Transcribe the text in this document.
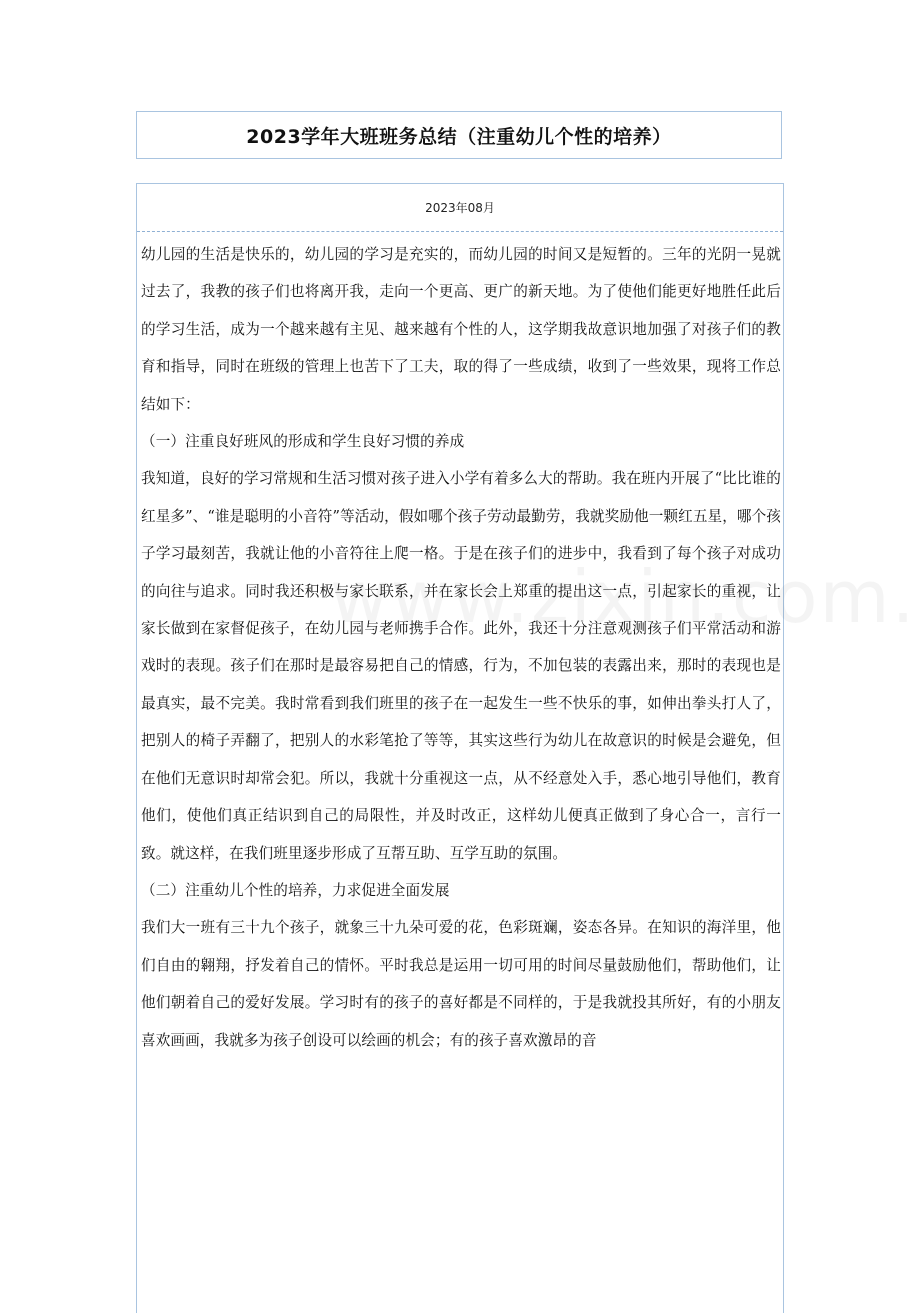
2023学年大班班务总结（注重幼儿个性的培养）
2023年08月

幼儿园的生活是快乐的，幼儿园的学习是充实的，而幼儿园的时间又是短暂的。三年的光阴一晃就过去了，我教的孩子们也将离开我，走向一个更高、更广的新天地。为了使他们能更好地胜任此后的学习生活，成为一个越来越有主见、越来越有个性的人，这学期我故意识地加强了对孩子们的教育和指导，同时在班级的管理上也苦下了工夫，取的得了一些成绩，收到了一些效果，现将工作总结如下：

（一）注重良好班风的形成和学生良好习惯的养成

我知道，良好的学习常规和生活习惯对孩子进入小学有着多么大的帮助。我在班内开展了“比比谁的红星多”、“谁是聪明的小音符”等活动，假如哪个孩子劳动最勤劳，我就奖励他一颗红五星，哪个孩子学习最刻苦，我就让他的小音符往上爬一格。于是在孩子们的进步中，我看到了每个孩子对成功的向往与追求。同时我还积极与家长联系，并在家长会上郑重的提出这一点，引起家长的重视，让家长做到在家督促孩子，在幼儿园与老师携手合作。此外，我还十分注意观测孩子们平常活动和游戏时的表现。孩子们在那时是最容易把自己的情感，行为，不加包装的表露出来，那时的表现也是最真实，最不完美。我时常看到我们班里的孩子在一起发生一些不快乐的事，如伸出拳头打人了，把别人的椅子弄翻了，把别人的水彩笔抢了等等，其实这些行为幼儿在故意识的时候是会避免，但在他们无意识时却常会犯。所以，我就十分重视这一点，从不经意处入手，悉心地引导他们，教育他们，使他们真正结识到自己的局限性，并及时改正，这样幼儿便真正做到了身心合一，言行一致。就这样，在我们班里逐步形成了互帮互助、互学互助的氛围。

（二）注重幼儿个性的培养，力求促进全面发展

我们大一班有三十九个孩子，就象三十九朵可爱的花，色彩斑斓，姿态各异。在知识的海洋里，他们自由的翱翔，抒发着自己的情怀。平时我总是运用一切可用的时间尽量鼓励他们，帮助他们，让他们朝着自己的爱好发展。学习时有的孩子的喜好都是不同样的，于是我就投其所好，有的小朋友喜欢画画，我就多为孩子创设可以绘画的机会；有的孩子喜欢激昂的音
